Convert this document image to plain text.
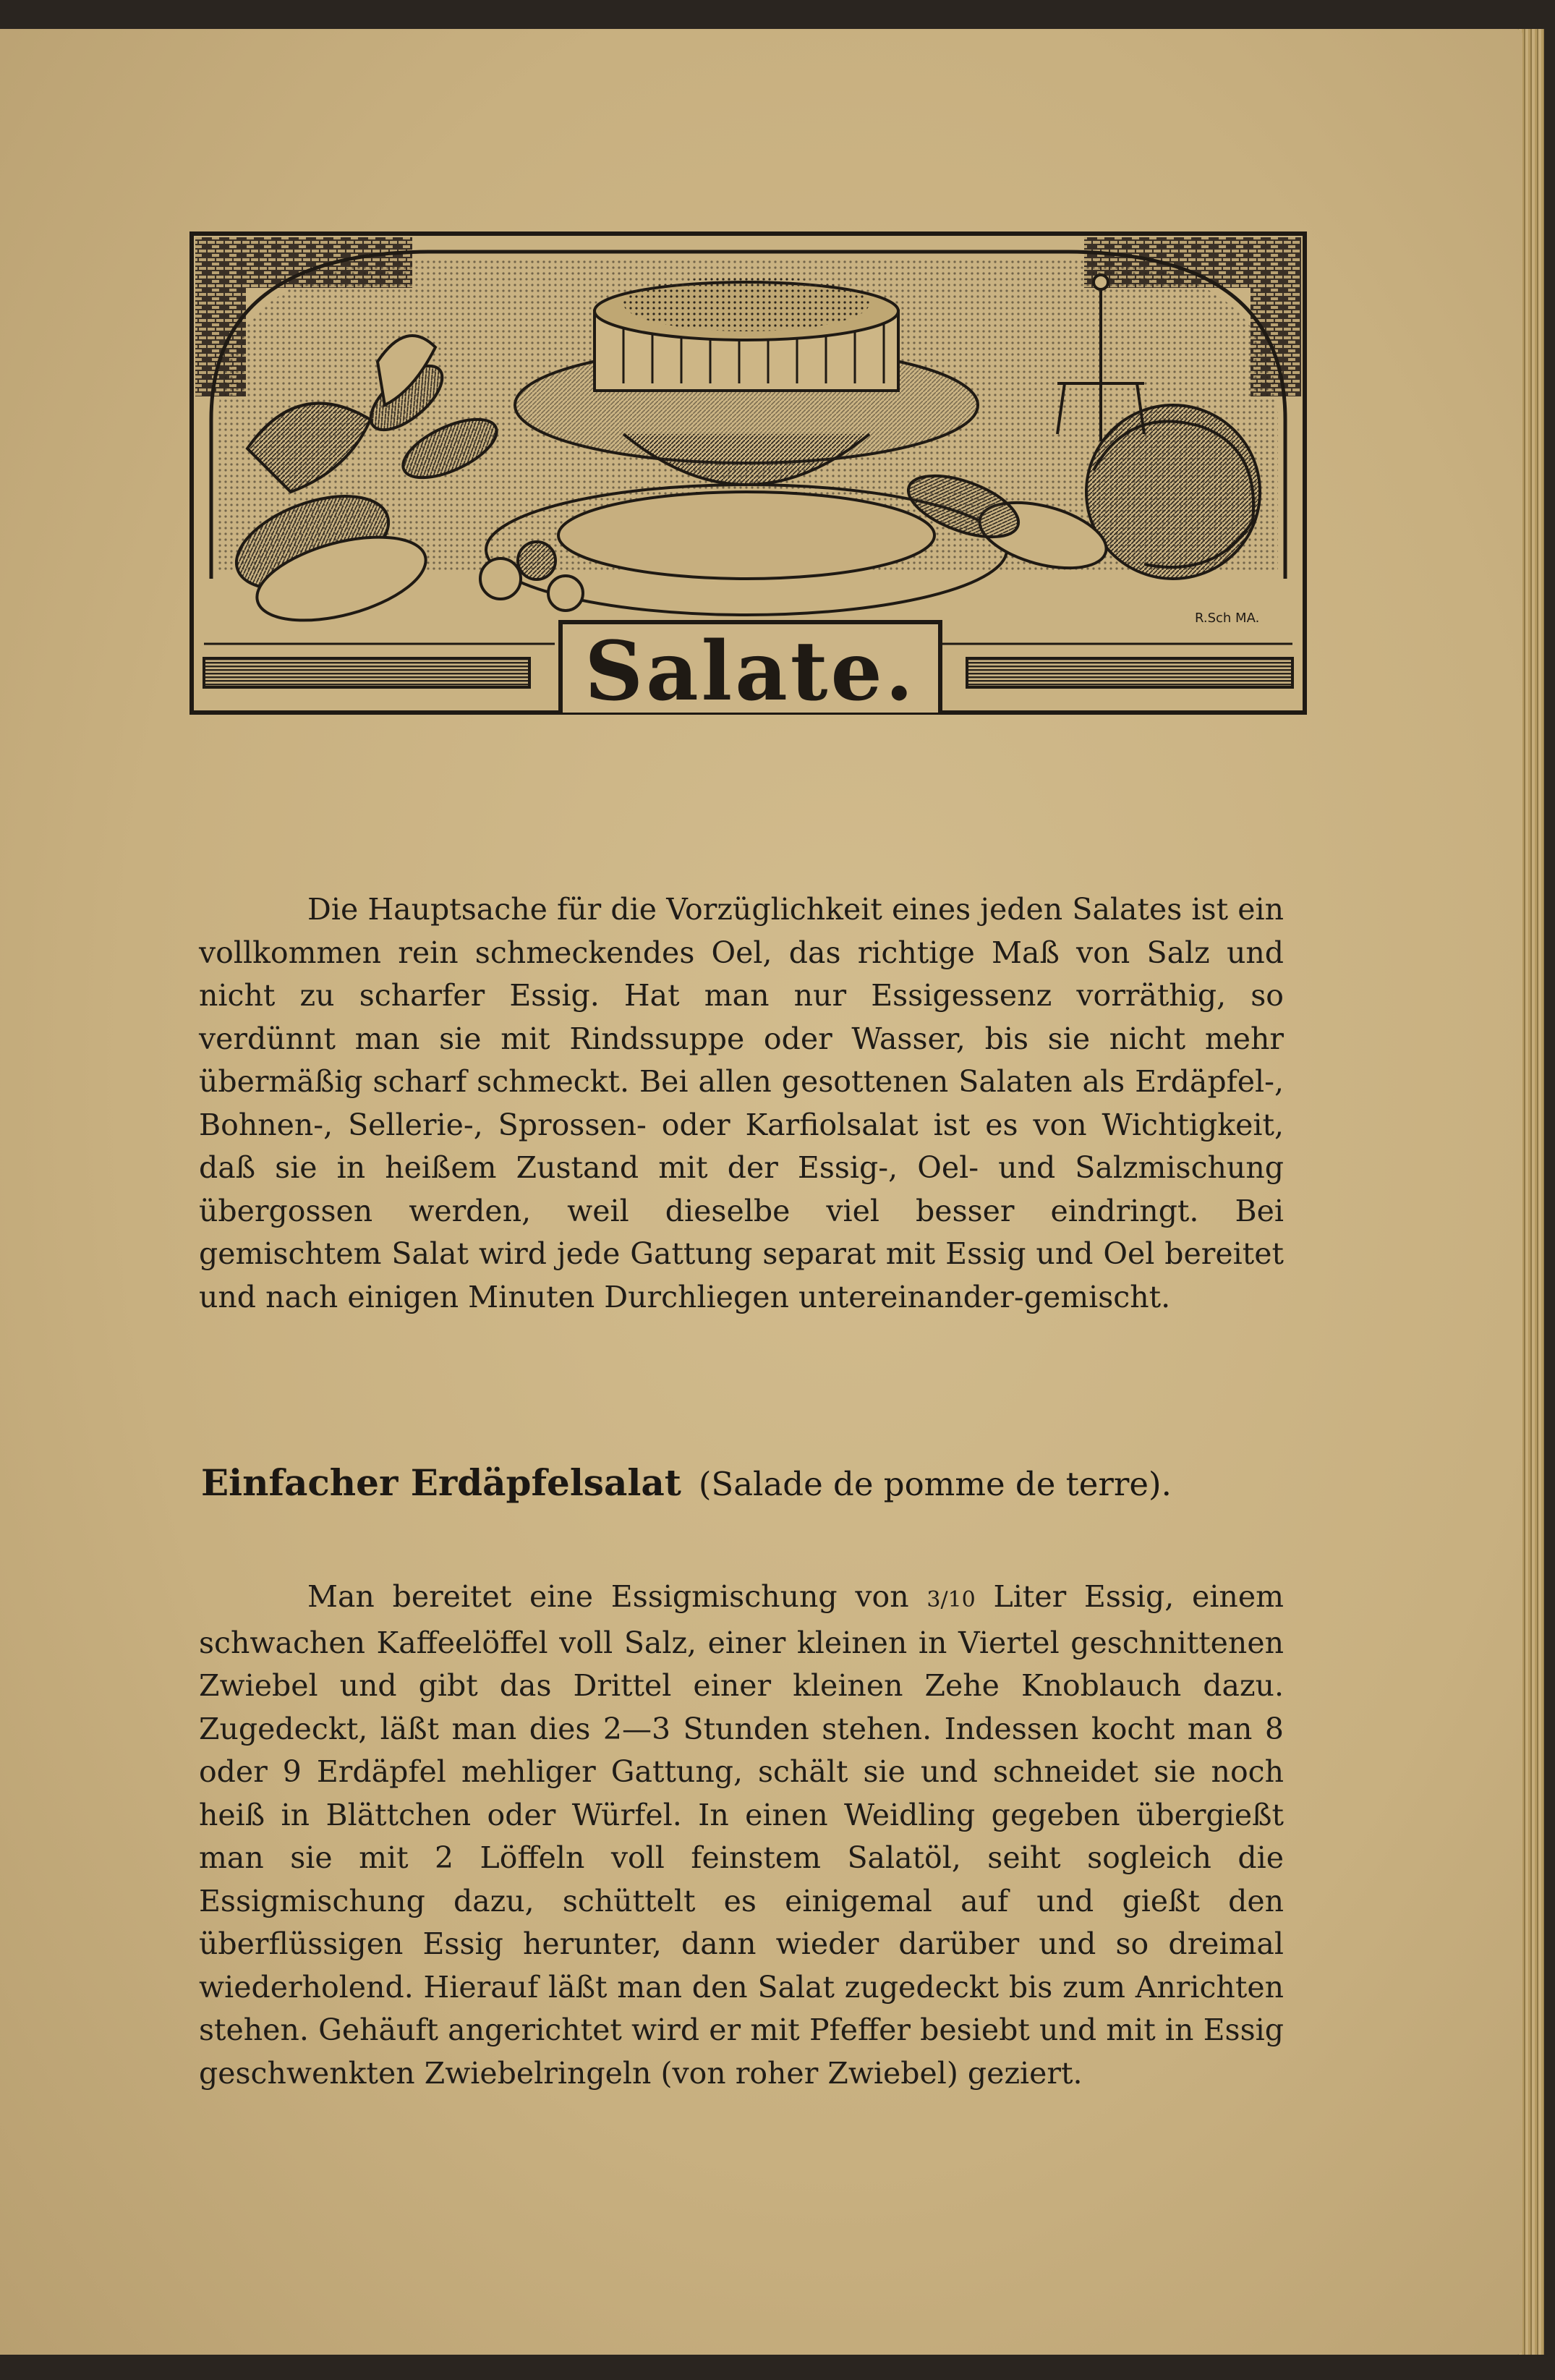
R.Sch MA.
Salate.
Die Hauptsache für die Vorzüglichkeit eines jeden Salates ist ein vollkommen rein schmeckendes Oel, das richtige Maß von Salz und nicht zu scharfer Essig. Hat man nur Essigessenz vorräthig, so verdünnt man sie mit Rindssuppe oder Wasser, bis sie nicht mehr übermäßig scharf schmeckt. Bei allen gesottenen Salaten als Erdäpfel-, Bohnen-, Sellerie-, Sprossen- oder Karfiolsalat ist es von Wichtigkeit, daß sie in heißem Zustand mit der Essig-, Oel- und Salzmischung übergossen werden, weil dieselbe viel besser eindringt. Bei gemischtem Salat wird jede Gattung separat mit Essig und Oel bereitet und nach einigen Minuten Durchliegen untereinander-gemischt.
Einfacher Erdäpfelsalat (Salade de pomme de terre).
Man bereitet eine Essigmischung von 3/10 Liter Essig, einem schwachen Kaffeelöffel voll Salz, einer kleinen in Viertel geschnittenen Zwiebel und gibt das Drittel einer kleinen Zehe Knoblauch dazu. Zugedeckt, läßt man dies 2—3 Stunden stehen. Indessen kocht man 8 oder 9 Erdäpfel mehliger Gattung, schält sie und schneidet sie noch heiß in Blättchen oder Würfel. In einen Weidling gegeben übergießt man sie mit 2 Löffeln voll feinstem Salatöl, seiht sogleich die Essigmischung dazu, schüttelt es einigemal auf und gießt den überflüssigen Essig herunter, dann wieder darüber und so dreimal wiederholend. Hierauf läßt man den Salat zugedeckt bis zum Anrichten stehen. Gehäuft angerichtet wird er mit Pfeffer besiebt und mit in Essig geschwenkten Zwiebelringeln (von roher Zwiebel) geziert.
